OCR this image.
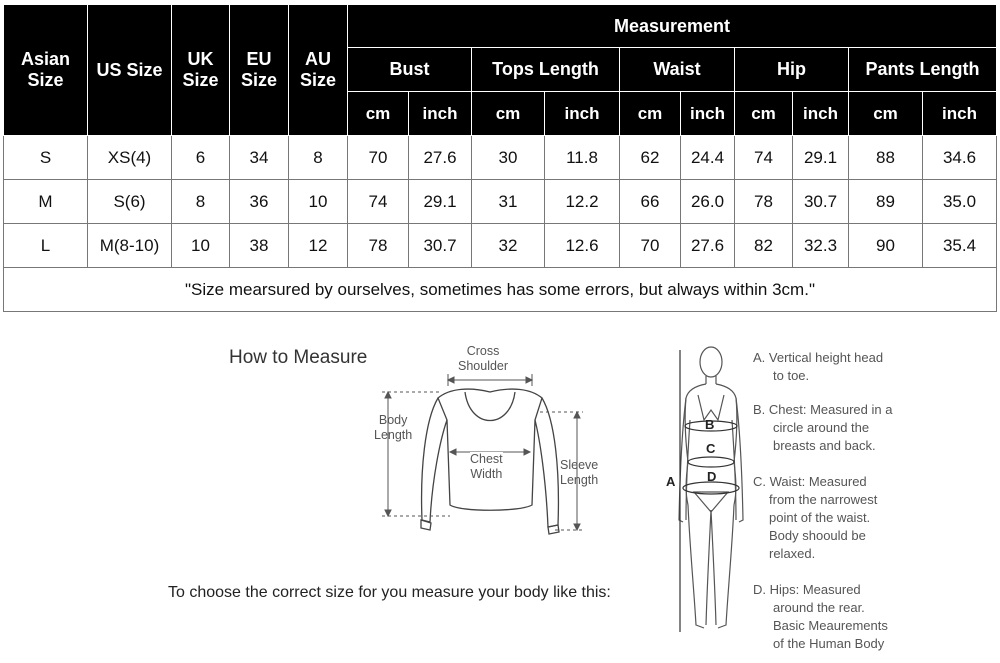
Asian Size	US Size	UK Size	EU Size	AU Size	Measurement									
					Bust		Tops Length		Waist		Hip		Pants Length	
					cm	inch	cm	inch	cm	inch	cm	inch	cm	inch
S	XS(4)	6	34	8	70	27.6	30	11.8	62	24.4	74	29.1	88	34.6
M	S(6)	8	36	10	74	29.1	31	12.2	66	26.0	78	30.7	89	35.0
L	M(8-10)	10	38	12	78	30.7	32	12.6	70	27.6	82	32.3	90	35.4
"Size mearsured by ourselves, sometimes has some errors, but always within 3cm."														
How to Measure	Cross
Shoulder
Body
Length
Chest
Width
Sleeve
Length
To choose the correct size for you measure your body like this:
B
C
D
A
A. Vertical height head
to toe.
B. Chest: Measured in a
circle around the
breasts and back.
C. Waist: Measured
from the narrowest
point of the waist.
Body shoould be
relaxed.
D. Hips: Measured
around the rear.
Basic Meaurements
of the Human Body
